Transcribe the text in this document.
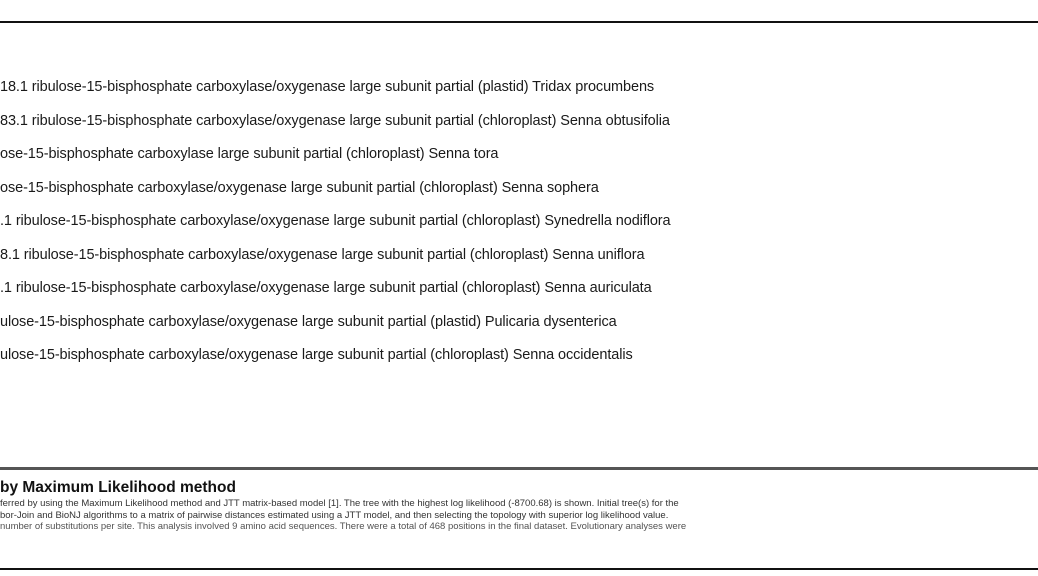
18.1 ribulose-15-bisphosphate carboxylase/oxygenase large subunit partial (plastid) Tridax procumbens
83.1 ribulose-15-bisphosphate carboxylase/oxygenase large subunit partial (chloroplast) Senna obtusifolia
ose-15-bisphosphate carboxylase large subunit partial (chloroplast) Senna tora
ose-15-bisphosphate carboxylase/oxygenase large subunit partial (chloroplast) Senna sophera
.1 ribulose-15-bisphosphate carboxylase/oxygenase large subunit partial (chloroplast) Synedrella nodiflora
8.1 ribulose-15-bisphosphate carboxylase/oxygenase large subunit partial (chloroplast) Senna uniflora
.1 ribulose-15-bisphosphate carboxylase/oxygenase large subunit partial (chloroplast) Senna auriculata
ulose-15-bisphosphate carboxylase/oxygenase large subunit partial (plastid) Pulicaria dysenterica
ulose-15-bisphosphate carboxylase/oxygenase large subunit partial (chloroplast) Senna occidentalis
by Maximum Likelihood method
ferred by using the Maximum Likelihood method and JTT matrix-based model [1]. The tree with the highest log likelihood (-8700.68) is shown. Initial tree(s) for the
bor-Join and BioNJ algorithms to a matrix of pairwise distances estimated using a JTT model, and then selecting the topology with superior log likelihood value.
number of substitutions per site. This analysis involved 9 amino acid sequences. There were a total of 468 positions in the final dataset. Evolutionary analyses were
